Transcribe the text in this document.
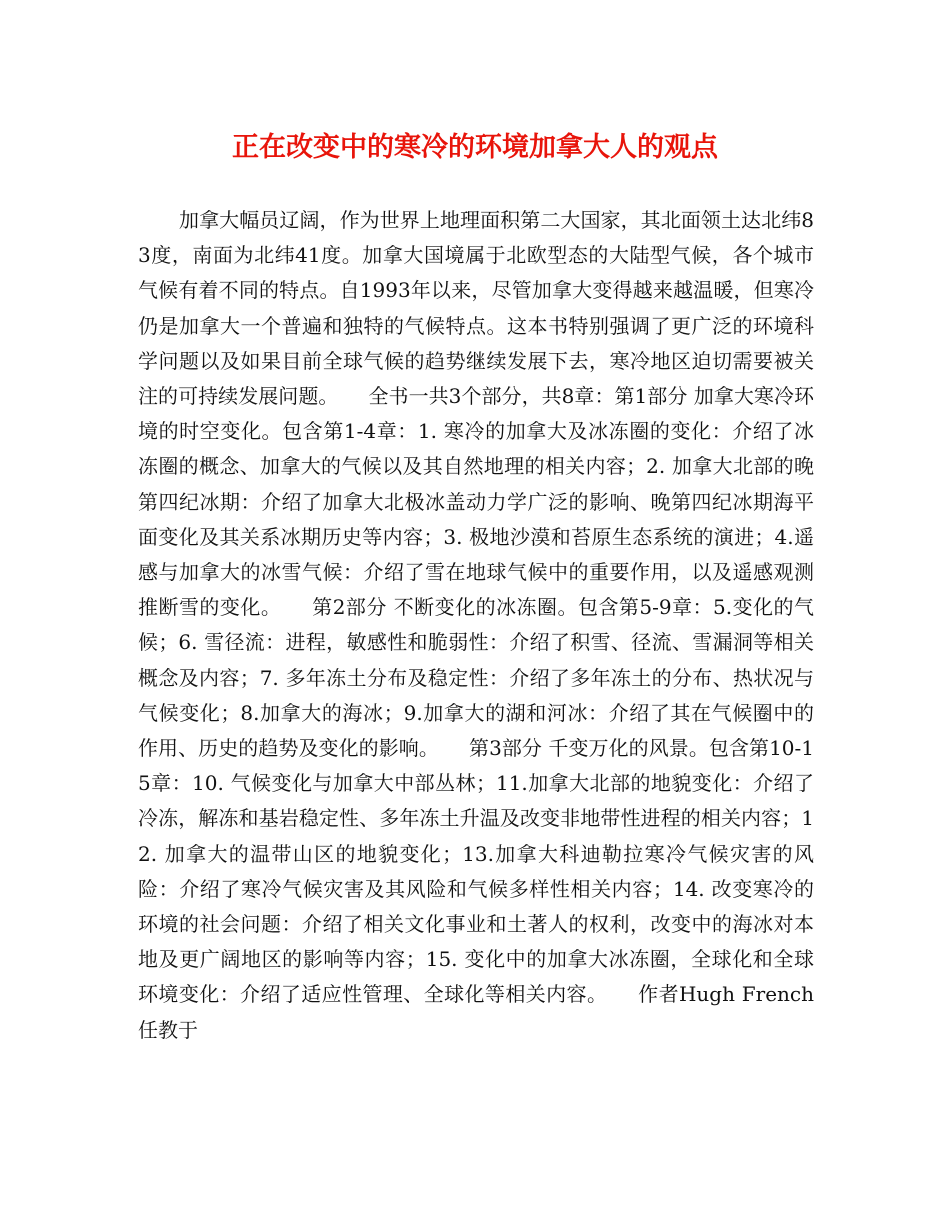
正在改变中的寒冷的环境加拿大人的观点

加拿大幅员辽阔，作为世界上地理面积第二大国家，其北面领土达北纬83度，南面为北纬41度。加拿大国境属于北欧型态的大陆型气候，各个城市气候有着不同的特点。自1993年以来，尽管加拿大变得越来越温暖，但寒冷仍是加拿大一个普遍和独特的气候特点。这本书特别强调了更广泛的环境科学问题以及如果目前全球气候的趋势继续发展下去，寒冷地区迫切需要被关注的可持续发展问题。　　全书一共3个部分，共8章：第1部分 加拿大寒冷环境的时空变化。包含第1-4章：1. 寒冷的加拿大及冰冻圈的变化：介绍了冰冻圈的概念、加拿大的气候以及其自然地理的相关内容；2. 加拿大北部的晚第四纪冰期：介绍了加拿大北极冰盖动力学广泛的影响、晚第四纪冰期海平面变化及其关系冰期历史等内容；3. 极地沙漠和苔原生态系统的演进；4.遥感与加拿大的冰雪气候：介绍了雪在地球气候中的重要作用，以及遥感观测推断雪的变化。　　第2部分 不断变化的冰冻圈。包含第5-9章：5.变化的气候；6. 雪径流：进程，敏感性和脆弱性：介绍了积雪、径流、雪漏洞等相关概念及内容；7. 多年冻土分布及稳定性：介绍了多年冻土的分布、热状况与气候变化；8.加拿大的海冰；9.加拿大的湖和河冰：介绍了其在气候圈中的作用、历史的趋势及变化的影响。　　第3部分 千变万化的风景。包含第10-15章：10. 气候变化与加拿大中部丛林；11.加拿大北部的地貌变化：介绍了冷冻，解冻和基岩稳定性、多年冻土升温及改变非地带性进程的相关内容；12. 加拿大的温带山区的地貌变化；13.加拿大科迪勒拉寒冷气候灾害的风险：介绍了寒冷气候灾害及其风险和气候多样性相关内容；14. 改变寒冷的环境的社会问题：介绍了相关文化事业和土著人的权利，改变中的海冰对本地及更广阔地区的影响等内容；15. 变化中的加拿大冰冻圈，全球化和全球环境变化：介绍了适应性管理、全球化等相关内容。　　作者Hugh French任教于
